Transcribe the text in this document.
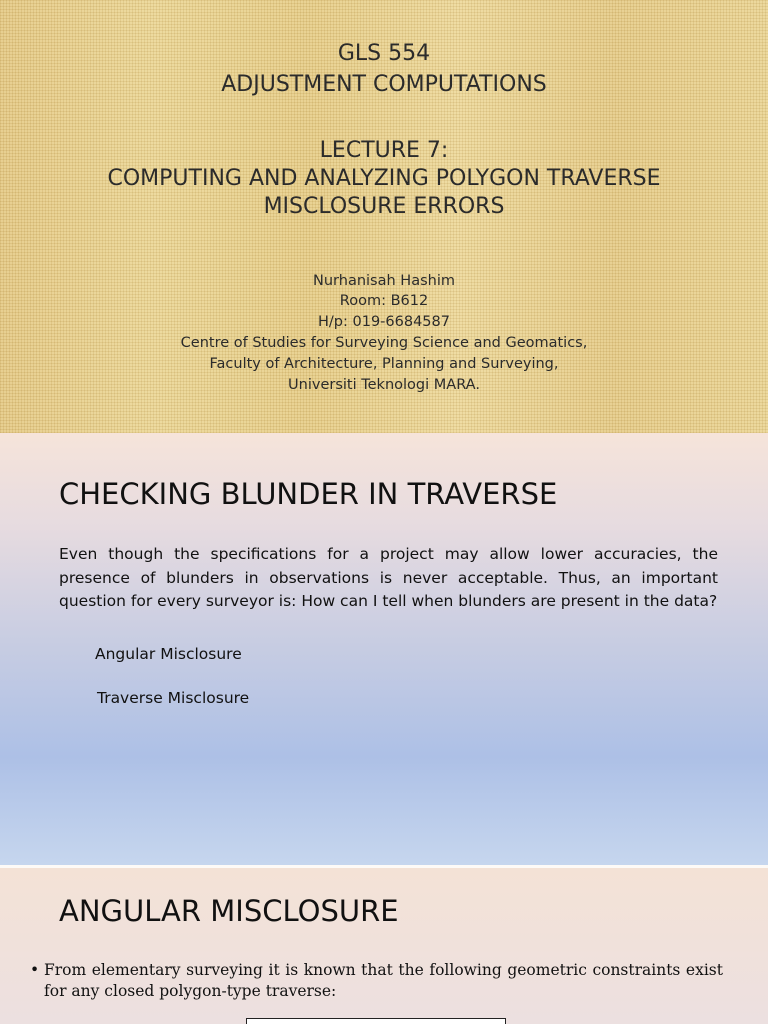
GLS 554
ADJUSTMENT COMPUTATIONS
LECTURE 7:
COMPUTING AND ANALYZING POLYGON TRAVERSE
MISCLOSURE ERRORS
Nurhanisah Hashim
Room: B612
H/p: 019-6684587
Centre of Studies for Surveying Science and Geomatics,
Faculty of Architecture, Planning and Surveying,
Universiti Teknologi MARA.
CHECKING BLUNDER IN TRAVERSE

Even though the specifications for a project may allow lower accuracies, the presence of blunders in observations is never acceptable. Thus, an important question for every surveyor is: How can I tell when blunders are present in the data?

Angular Misclosure
Traverse Misclosure
ANGULAR MISCLOSURE
• From elementary surveying it is known that the following geometric constraints exist for any closed polygon-type traverse:
